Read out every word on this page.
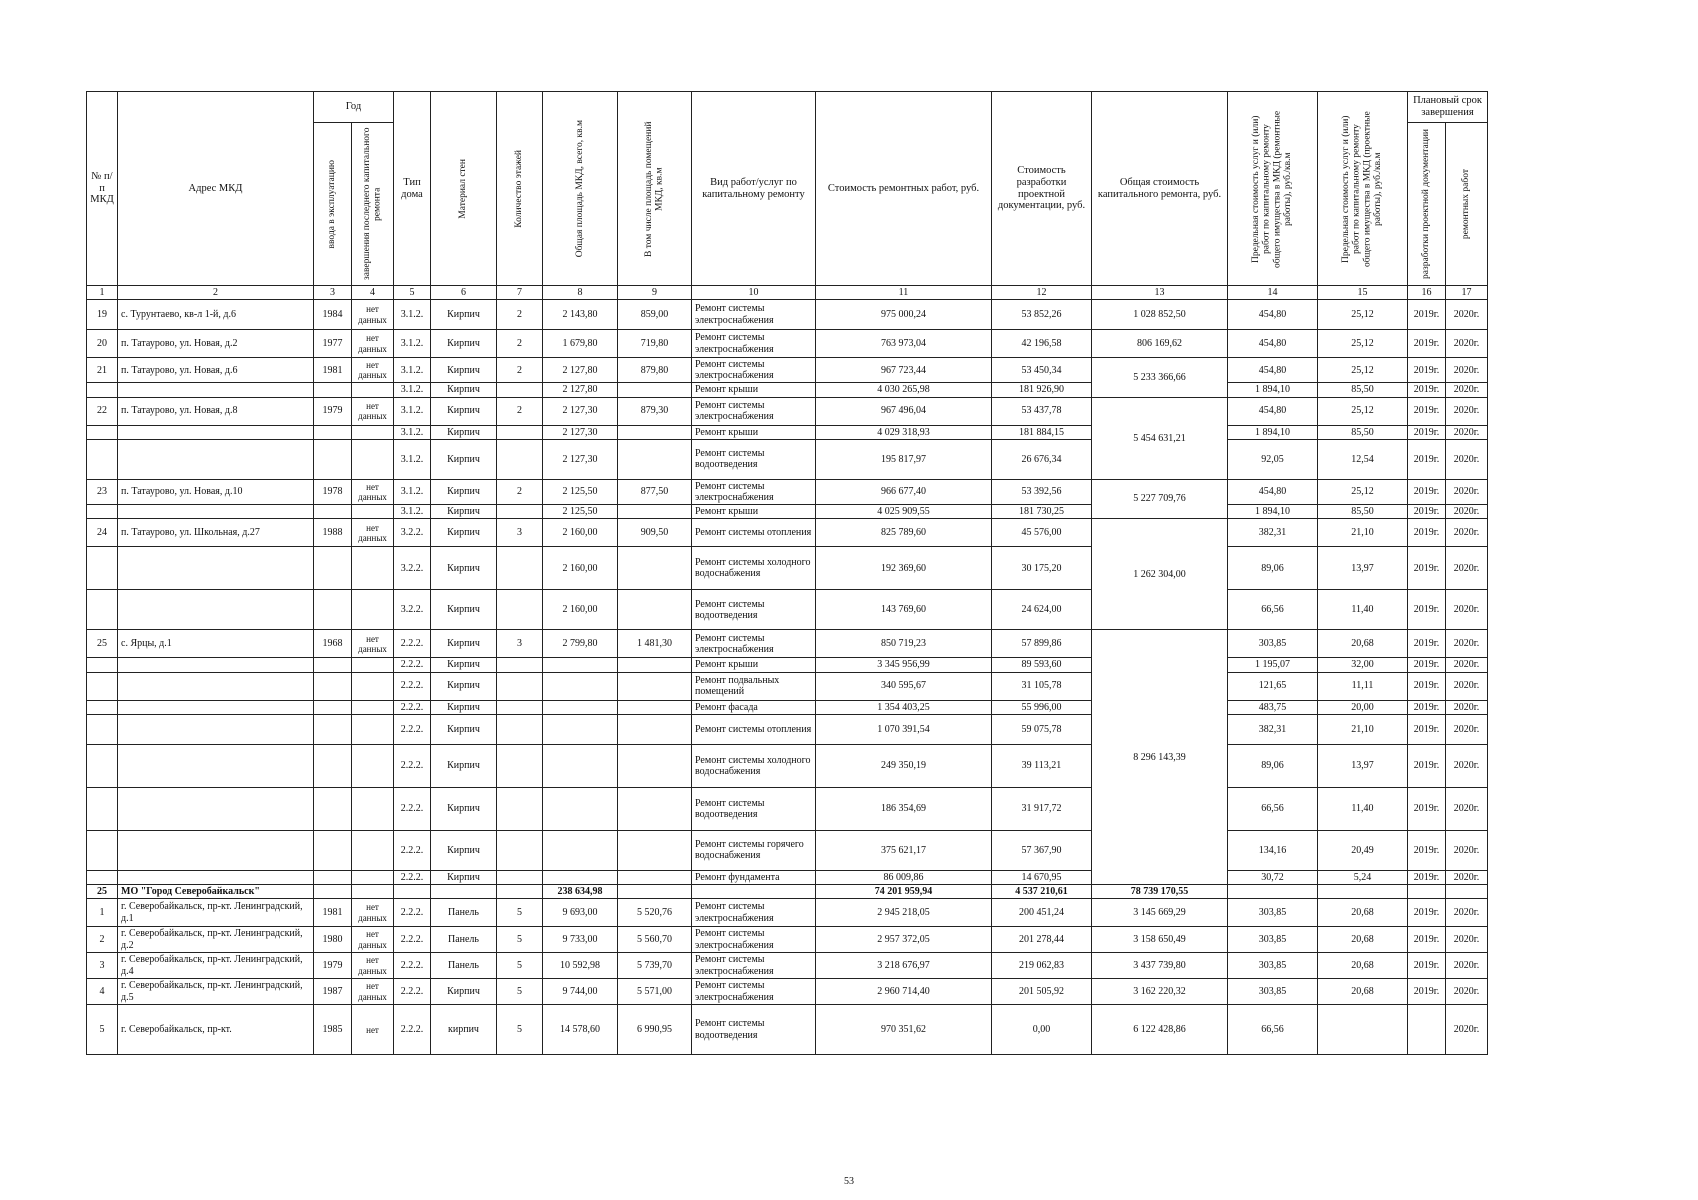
№ п/п МКД	Адрес МКД	Год		Тип дома	Материал стен	Количество этажей	Общая площадь МКД, всего, кв.м	В том числе площадь помещений МКД, кв.м	Вид работ/услуг по капитальному ремонту	Стоимость ремонтных работ, руб.	Стоимость разработки проектной документации, руб.	Общая стоимость капитального ремонта, руб.	Предельная стоимость услуг и (или) работ по капитальному ремонту общего имущества в МКД (ремонтные работы), руб./кв.м	Предельная стоимость услуг и (или) работ по капитальному ремонту общего имущества в МКД (проектные работы), руб./кв.м	Плановый срок завершения	

		ввода в эксплуатацию	завершения последнего капитального ремонта												разработки проектной документации	ремонтных работ

1	2	3	4	5	6	7	8	9	10	11	12	13	14	15	16	17
19	с. Турунтаево, кв-л 1-й, д.6	1984	нет данных	3.1.2.	Кирпич	2	2 143,80	859,00	Ремонт системы электроснабжения	975 000,24	53 852,26	1 028 852,50	454,80	25,12	2019г.	2020г.
20	п. Татаурово, ул. Новая, д.2	1977	нет данных	3.1.2.	Кирпич	2	1 679,80	719,80	Ремонт системы электроснабжения	763 973,04	42 196,58	806 169,62	454,80	25,12	2019г.	2020г.
21	п. Татаурово, ул. Новая, д.6	1981	нет данных	3.1.2.	Кирпич	2	2 127,80	879,80	Ремонт системы электроснабжения	967 723,44	53 450,34	5 233 366,66	454,80	25,12	2019г.	2020г.
				3.1.2.	Кирпич		2 127,80		Ремонт крыши	4 030 265,98	181 926,90		1 894,10	85,50	2019г.	2020г.
22	п. Татаурово, ул. Новая, д.8	1979	нет данных	3.1.2.	Кирпич	2	2 127,30	879,30	Ремонт системы электроснабжения	967 496,04	53 437,78	5 454 631,21	454,80	25,12	2019г.	2020г.
				3.1.2.	Кирпич		2 127,30		Ремонт крыши	4 029 318,93	181 884,15		1 894,10	85,50	2019г.	2020г.
				3.1.2.	Кирпич		2 127,30		Ремонт системы водоотведения	195 817,97	26 676,34		92,05	12,54	2019г.	2020г.
23	п. Татаурово, ул. Новая, д.10	1978	нет данных	3.1.2.	Кирпич	2	2 125,50	877,50	Ремонт системы электроснабжения	966 677,40	53 392,56	5 227 709,76	454,80	25,12	2019г.	2020г.
				3.1.2.	Кирпич		2 125,50		Ремонт крыши	4 025 909,55	181 730,25		1 894,10	85,50	2019г.	2020г.
24	п. Татаурово, ул. Школьная, д.27	1988	нет данных	3.2.2.	Кирпич	3	2 160,00	909,50	Ремонт системы отопления	825 789,60	45 576,00	1 262 304,00	382,31	21,10	2019г.	2020г.
				3.2.2.	Кирпич		2 160,00		Ремонт системы холодного водоснабжения	192 369,60	30 175,20		89,06	13,97	2019г.	2020г.
				3.2.2.	Кирпич		2 160,00		Ремонт системы водоотведения	143 769,60	24 624,00		66,56	11,40	2019г.	2020г.
25	с. Ярцы, д.1	1968	нет данных	2.2.2.	Кирпич	3	2 799,80	1 481,30	Ремонт системы электроснабжения	850 719,23	57 899,86	8 296 143,39	303,85	20,68	2019г.	2020г.
				2.2.2.	Кирпич				Ремонт крыши	3 345 956,99	89 593,60		1 195,07	32,00	2019г.	2020г.
				2.2.2.	Кирпич				Ремонт подвальных помещений	340 595,67	31 105,78		121,65	11,11	2019г.	2020г.
				2.2.2.	Кирпич				Ремонт фасада	1 354 403,25	55 996,00		483,75	20,00	2019г.	2020г.
				2.2.2.	Кирпич				Ремонт системы отопления	1 070 391,54	59 075,78		382,31	21,10	2019г.	2020г.
				2.2.2.	Кирпич				Ремонт системы холодного водоснабжения	249 350,19	39 113,21		89,06	13,97	2019г.	2020г.
				2.2.2.	Кирпич				Ремонт системы водоотведения	186 354,69	31 917,72		66,56	11,40	2019г.	2020г.
				2.2.2.	Кирпич				Ремонт системы горячего водоснабжения	375 621,17	57 367,90		134,16	20,49	2019г.	2020г.
				2.2.2.	Кирпич				Ремонт фундамента	86 009,86	14 670,95		30,72	5,24	2019г.	2020г.
25	МО "Город Северобайкальск"						238 634,98			74 201 959,94	4 537 210,61	78 739 170,55				
1	г. Северобайкальск, пр-кт. Ленинградский, д.1	1981	нет данных	2.2.2.	Панель	5	9 693,00	5 520,76	Ремонт системы электроснабжения	2 945 218,05	200 451,24	3 145 669,29	303,85	20,68	2019г.	2020г.
2	г. Северобайкальск, пр-кт. Ленинградский, д.2	1980	нет данных	2.2.2.	Панель	5	9 733,00	5 560,70	Ремонт системы электроснабжения	2 957 372,05	201 278,44	3 158 650,49	303,85	20,68	2019г.	2020г.
3	г. Северобайкальск, пр-кт. Ленинградский, д.4	1979	нет данных	2.2.2.	Панель	5	10 592,98	5 739,70	Ремонт системы электроснабжения	3 218 676,97	219 062,83	3 437 739,80	303,85	20,68	2019г.	2020г.
4	г. Северобайкальск, пр-кт. Ленинградский, д.5	1987	нет данных	2.2.2.	Кирпич	5	9 744,00	5 571,00	Ремонт системы электроснабжения	2 960 714,40	201 505,92	3 162 220,32	303,85	20,68	2019г.	2020г.
5	г. Северобайкальск, пр-кт.	1985	нет	2.2.2.	кирпич	5	14 578,60	6 990,95	Ремонт системы водоотведения	970 351,62	0,00	6 122 428,86	66,56			2020г.
53
